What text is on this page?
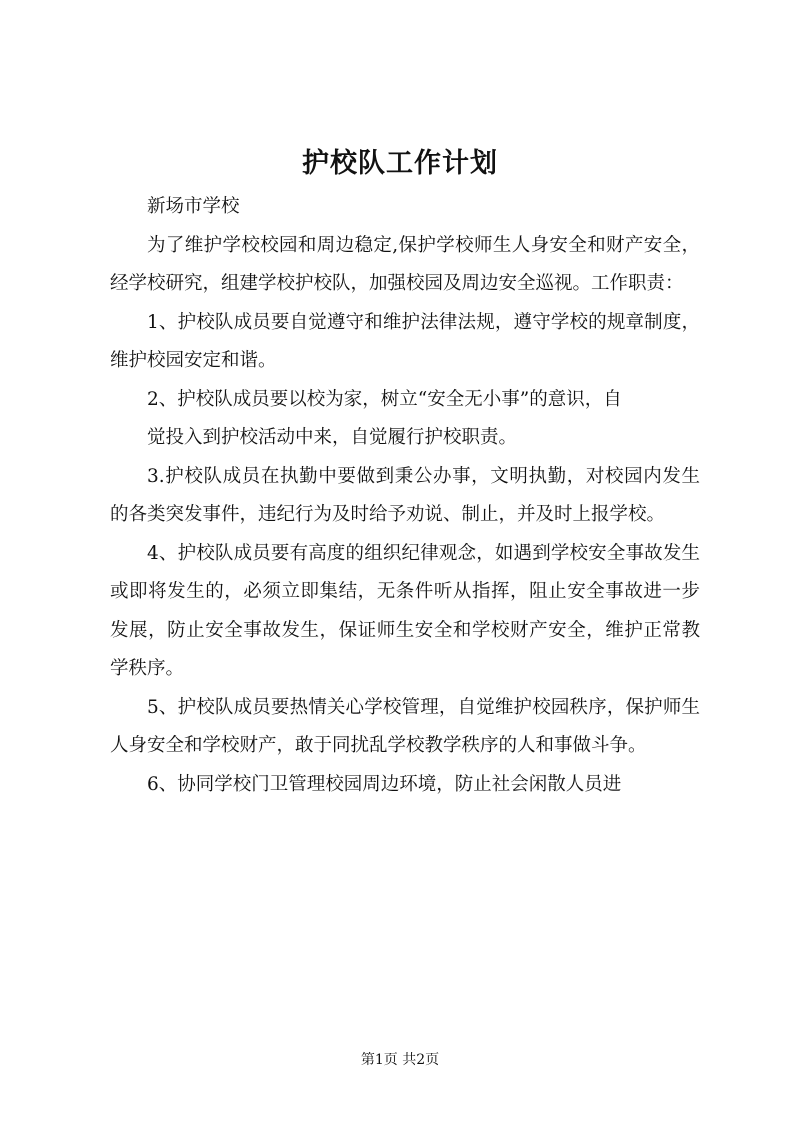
护校队工作计划

新场市学校

为了维护学校校园和周边稳定,保护学校师生人身安全和财产安全，经学校研究，组建学校护校队，加强校园及周边安全巡视。工作职责：

1、护校队成员要自觉遵守和维护法律法规，遵守学校的规章制度，维护校园安定和谐。

2、护校队成员要以校为家，树立“安全无小事”的意识，自

觉投入到护校活动中来，自觉履行护校职责。

3.护校队成员在执勤中要做到秉公办事，文明执勤，对校园内发生的各类突发事件，违纪行为及时给予劝说、制止，并及时上报学校。

4、护校队成员要有高度的组织纪律观念，如遇到学校安全事故发生或即将发生的，必须立即集结，无条件听从指挥，阻止安全事故进一步发展，防止安全事故发生，保证师生安全和学校财产安全，维护正常教学秩序。

5、护校队成员要热情关心学校管理，自觉维护校园秩序，保护师生人身安全和学校财产，敢于同扰乱学校教学秩序的人和事做斗争。

6、协同学校门卫管理校园周边环境，防止社会闲散人员进

第1页 共2页
